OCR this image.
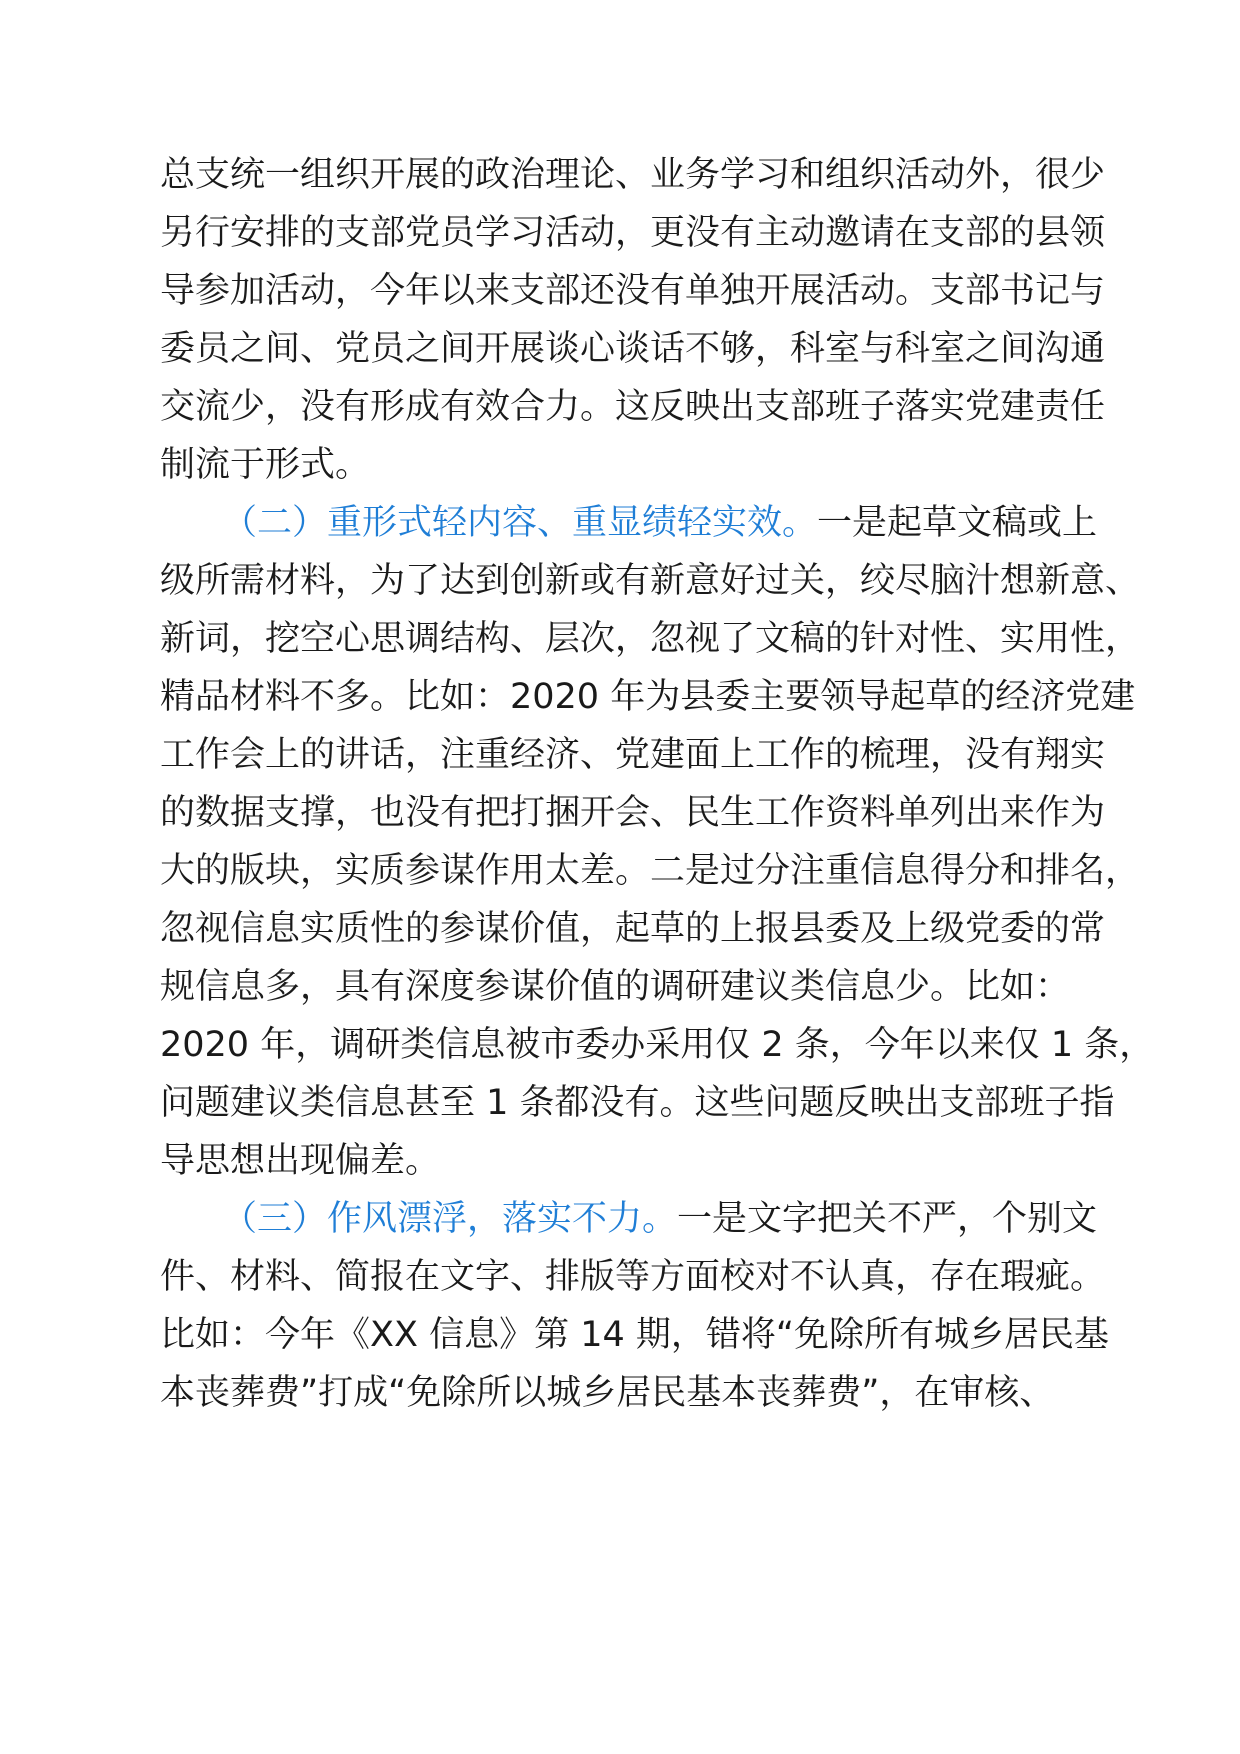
总支统一组织开展的政治理论、业务学习和组织活动外，很少
另行安排的支部党员学习活动，更没有主动邀请在支部的县领
导参加活动，今年以来支部还没有单独开展活动。支部书记与
委员之间、党员之间开展谈心谈话不够，科室与科室之间沟通
交流少，没有形成有效合力。这反映出支部班子落实党建责任
制流于形式。
（二）重形式轻内容、重显绩轻实效。一是起草文稿或上
级所需材料，为了达到创新或有新意好过关，绞尽脑汁想新意、
新词，挖空心思调结构、层次，忽视了文稿的针对性、实用性，
精品材料不多。比如：2020 年为县委主要领导起草的经济党建
工作会上的讲话，注重经济、党建面上工作的梳理，没有翔实
的数据支撑，也没有把打捆开会、民生工作资料单列出来作为
大的版块，实质参谋作用太差。二是过分注重信息得分和排名，
忽视信息实质性的参谋价值，起草的上报县委及上级党委的常
规信息多，具有深度参谋价值的调研建议类信息少。比如：
2020 年，调研类信息被市委办采用仅 2 条，今年以来仅 1 条，
问题建议类信息甚至 1 条都没有。这些问题反映出支部班子指
导思想出现偏差。
（三）作风漂浮，落实不力。一是文字把关不严，个别文
件、材料、简报在文字、排版等方面校对不认真，存在瑕疵。
比如：今年《XX 信息》第 14 期，错将“免除所有城乡居民基
本丧葬费”打成“免除所以城乡居民基本丧葬费”，在审核、
